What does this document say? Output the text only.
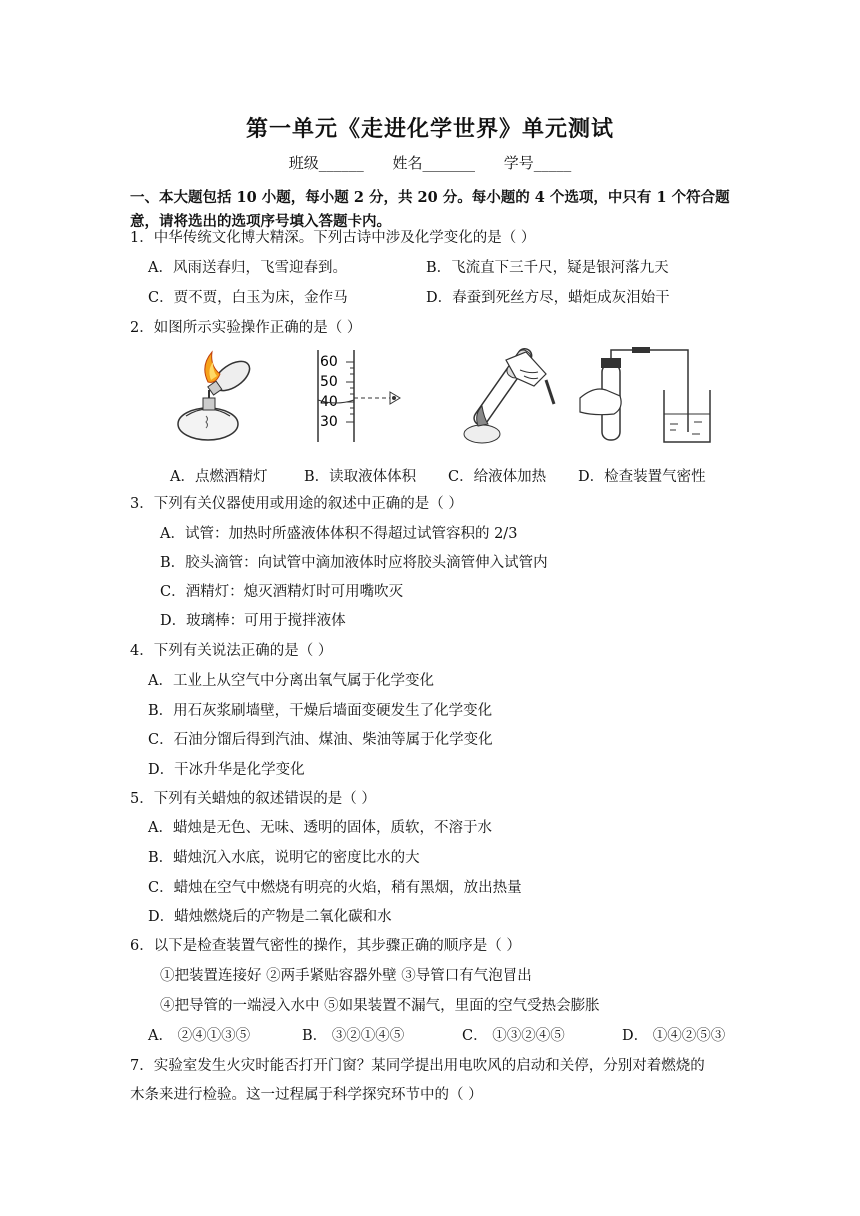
第一单元《走进化学世界》单元测试
班级______ 姓名_______ 学号_____
一、本大题包括 10 小题，每小题 2 分，共 20 分。每小题的 4 个选项，中只有 1 个符合题意，请将选出的选项序号填入答题卡内。
1．中华传统文化博大精深。下列古诗中涉及化学变化的是（ ）
A．风雨送春归，飞雪迎春到。	B．飞流直下三千尺，疑是银河落九天
C．贾不贾，白玉为床，金作马	D．春蚕到死丝方尽，蜡炬成灰泪始干
2．如图所示实验操作正确的是（ ）
60
50
40
30
A．点燃酒精灯	B．读取液体体积 C．给液体加热 D．检查装置气密性
3．下列有关仪器使用或用途的叙述中正确的是（ ）
A．试管：加热时所盛液体体积不得超过试管容积的 2/3
B．胶头滴管：向试管中滴加液体时应将胶头滴管伸入试管内
C．酒精灯：熄灭酒精灯时可用嘴吹灭
D．玻璃棒：可用于搅拌液体
4．下列有关说法正确的是（ ）
A．工业上从空气中分离出氧气属于化学变化
B．用石灰浆刷墙壁，干燥后墙面变硬发生了化学变化
C．石油分馏后得到汽油、煤油、柴油等属于化学变化
D．干冰升华是化学变化
5．下列有关蜡烛的叙述错误的是（ ）
A．蜡烛是无色、无味、透明的固体，质软，不溶于水
B．蜡烛沉入水底，说明它的密度比水的大
C．蜡烛在空气中燃烧有明亮的火焰，稍有黑烟，放出热量
D．蜡烛燃烧后的产物是二氧化碳和水
6．以下是检查装置气密性的操作，其步骤正确的顺序是（ ）
①把装置连接好 ②两手紧贴容器外壁 ③导管口有气泡冒出
④把导管的一端浸入水中 ⑤如果装置不漏气，里面的空气受热会膨胀
A． ②④①③⑤	B． ③②①④⑤	C． ①③②④⑤	D． ①④②⑤③
7．实验室发生火灾时能否打开门窗？某同学提出用电吹风的启动和关停，分别对着燃烧的
木条来进行检验。这一过程属于科学探究环节中的（ ）
